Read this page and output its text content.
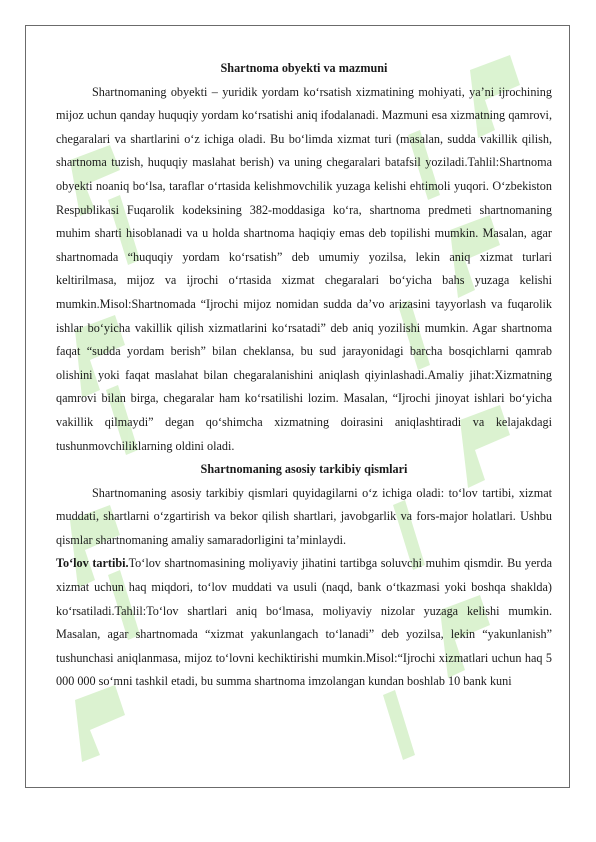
Shartnoma obyekti va mazmuni

Shartnomaning obyekti – yuridik yordam ko‘rsatish xizmatining mohiyati, ya’ni ijrochining mijoz uchun qanday huquqiy yordam ko‘rsatishi aniq ifodalanadi. Mazmuni esa xizmatning qamrovi, chegaralari va shartlarini o‘z ichiga oladi. Bu bo‘limda xizmat turi (masalan, sudda vakillik qilish, shartnoma tuzish, huquqiy maslahat berish) va uning chegaralari batafsil yoziladi.Tahlil:Shartnoma obyekti noaniq bo‘lsa, taraflar o‘rtasida kelishmovchilik yuzaga kelishi ehtimoli yuqori. O‘zbekiston Respublikasi Fuqarolik kodeksining 382-moddasiga ko‘ra, shartnoma predmeti shartnomaning muhim sharti hisoblanadi va u holda shartnoma haqiqiy emas deb topilishi mumkin. Masalan, agar shartnomada “huquqiy yordam ko‘rsatish” deb umumiy yozilsa, lekin aniq xizmat turlari keltirilmasa, mijoz va ijrochi o‘rtasida xizmat chegaralari bo‘yicha bahs yuzaga kelishi mumkin.Misol:Shartnomada “Ijrochi mijoz nomidan sudda da’vo arizasini tayyorlash va fuqarolik ishlar bo‘yicha vakillik qilish xizmatlarini ko‘rsatadi” deb aniq yozilishi mumkin. Agar shartnoma faqat “sudda yordam berish” bilan cheklansa, bu sud jarayonidagi barcha bosqichlarni qamrab olishini yoki faqat maslahat bilan chegaralanishini aniqlash qiyinlashadi.Amaliy jihat:Xizmatning qamrovi bilan birga, chegaralar ham ko‘rsatilishi lozim. Masalan, “Ijrochi jinoyat ishlari bo‘yicha vakillik qilmaydi” degan qo‘shimcha xizmatning doirasini aniqlashtiradi va kelajakdagi tushunmovchiliklarning oldini oladi.

Shartnomaning asosiy tarkibiy qismlari

Shartnomaning asosiy tarkibiy qismlari quyidagilarni o‘z ichiga oladi: to‘lov tartibi, xizmat muddati, shartlarni o‘zgartirish va bekor qilish shartlari, javobgarlik va fors-major holatlari. Ushbu qismlar shartnomaning amaliy samaradorligini ta’minlaydi.

To‘lov tartibi.To‘lov shartnomasining moliyaviy jihatini tartibga soluvchi muhim qismdir. Bu yerda xizmat uchun haq miqdori, to‘lov muddati va usuli (naqd, bank o‘tkazmasi yoki boshqa shaklda) ko‘rsatiladi.Tahlil:To‘lov shartlari aniq bo‘lmasa, moliyaviy nizolar yuzaga kelishi mumkin. Masalan, agar shartnomada “xizmat yakunlangach to‘lanadi” deb yozilsa, lekin “yakunlanish” tushunchasi aniqlanmasa, mijoz to‘lovni kechiktirishi mumkin.Misol:“Ijrochi xizmatlari uchun haq 5 000 000 so‘mni tashkil etadi, bu summa shartnoma imzolangan kundan boshlab 10 bank kuni
